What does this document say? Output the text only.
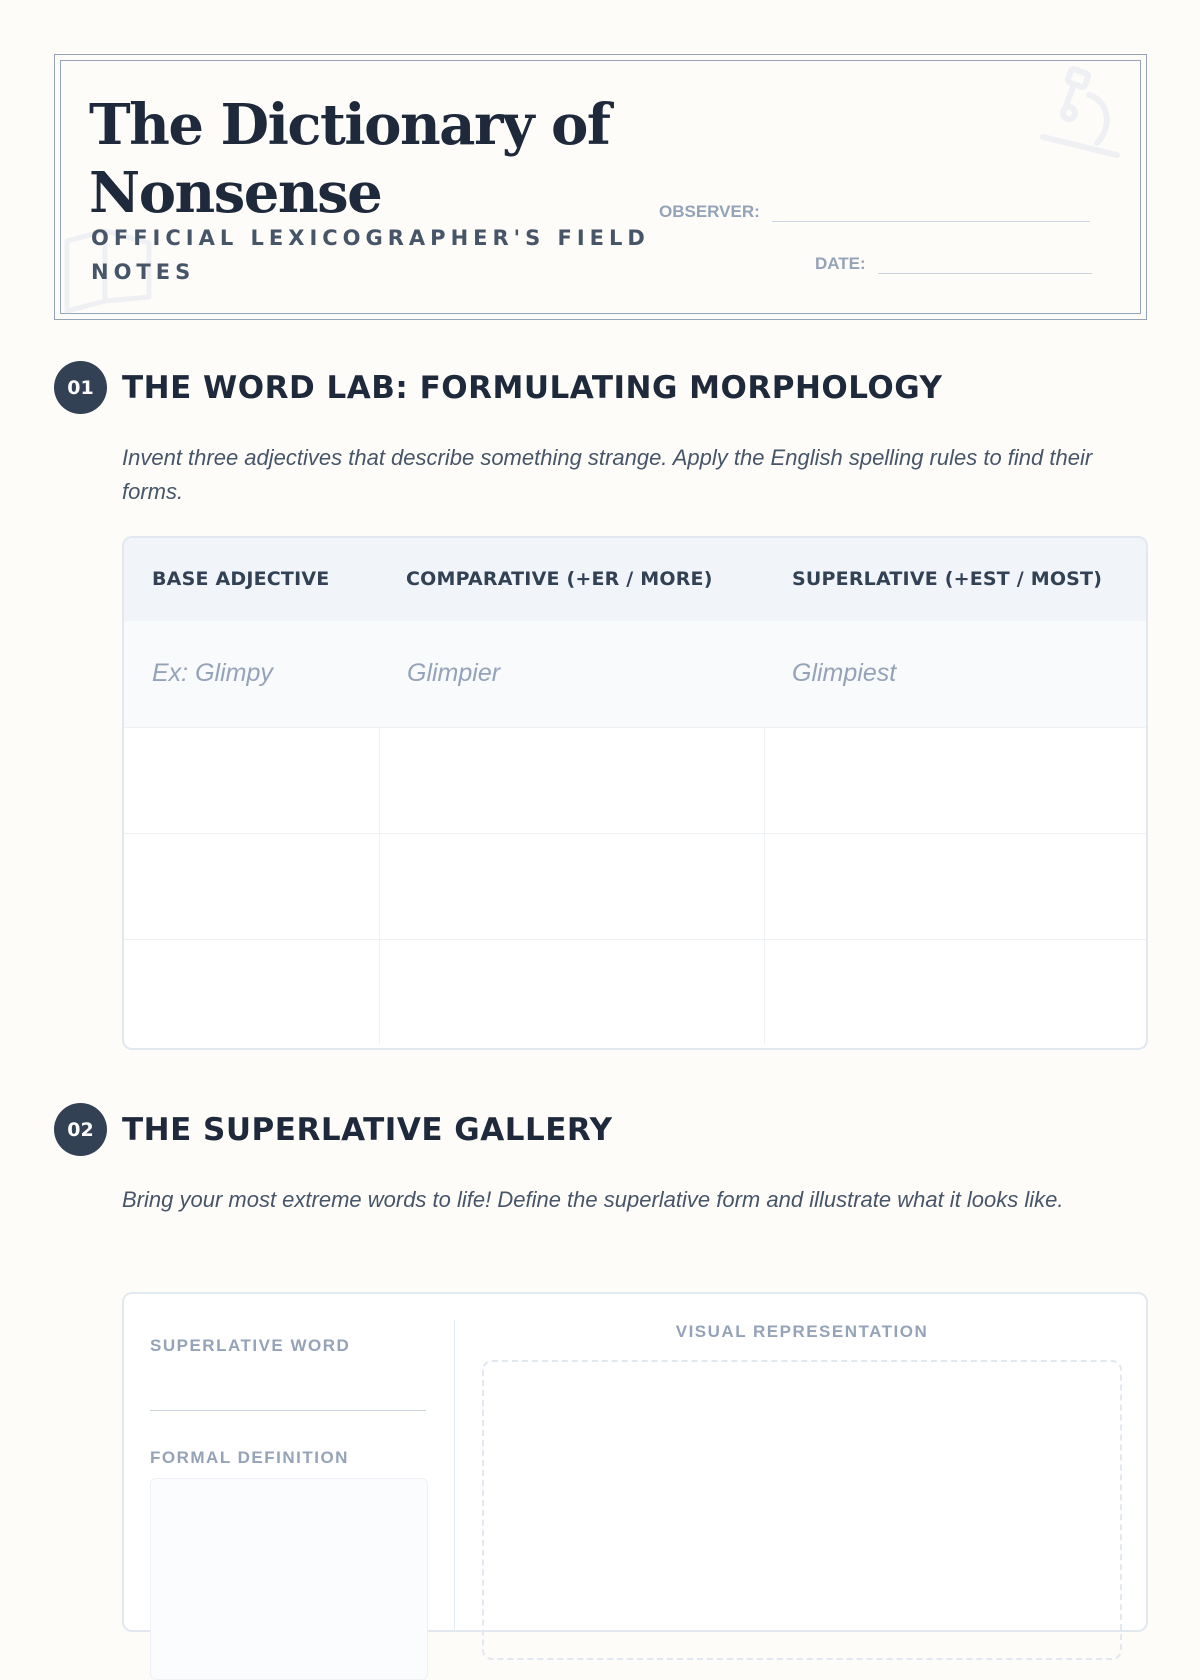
The Dictionary of Nonsense
OFFICIAL LEXICOGRAPHER'S FIELD NOTES
OBSERVER:
DATE:
01 THE WORD LAB: FORMULATING MORPHOLOGY
Invent three adjectives that describe something strange. Apply the English spelling rules to find their forms.
BASE ADJECTIVE	COMPARATIVE (+ER / MORE)	SUPERLATIVE (+EST / MOST)
Ex: Glimpy	Glimpier	Glimpiest
02 THE SUPERLATIVE GALLERY
Bring your most extreme words to life! Define the superlative form and illustrate what it looks like.
SUPERLATIVE WORD
FORMAL DEFINITION
VISUAL REPRESENTATION
